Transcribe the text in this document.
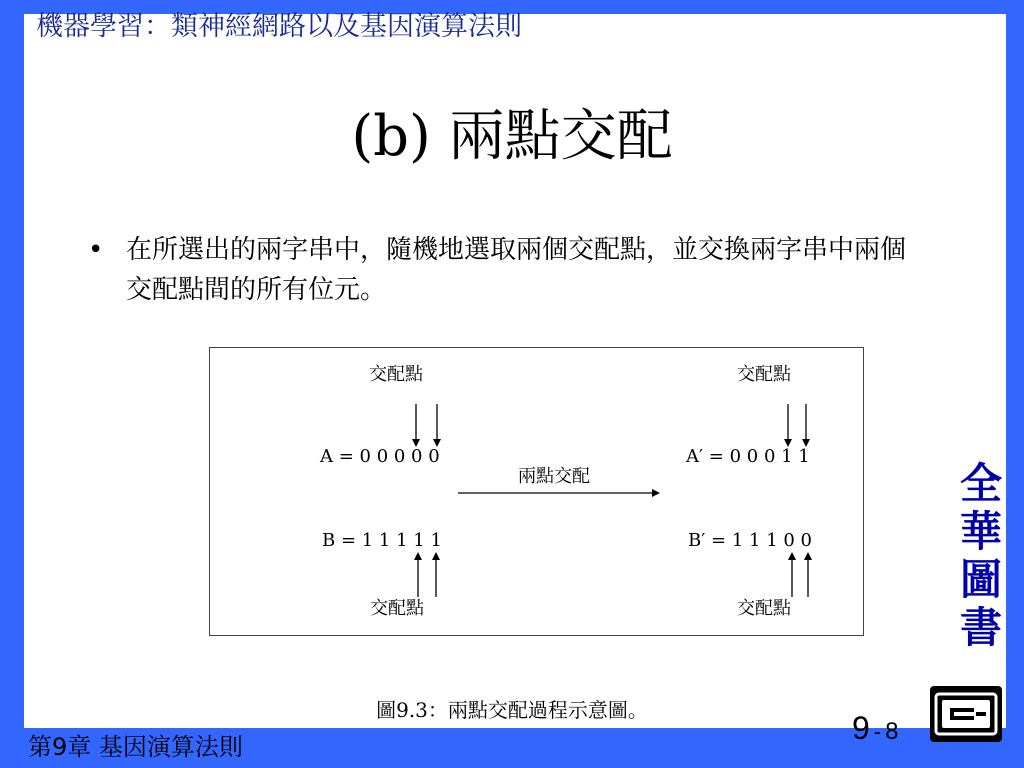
機器學習：類神經網路以及基因演算法則
(b) 兩點交配
• 在所選出的兩字串中，隨機地選取兩個交配點，並交換兩字串中兩個交配點間的所有位元。
交配點	交配點
A = 0 0 0 0 0	A′ = 0 0 0 1 1
兩點交配
B = 1 1 1 1 1	B′ = 1 1 1 0 0
交配點	交配點
圖9.3：兩點交配過程示意圖。
全華圖書
第9章 基因演算法則
9 - 8
